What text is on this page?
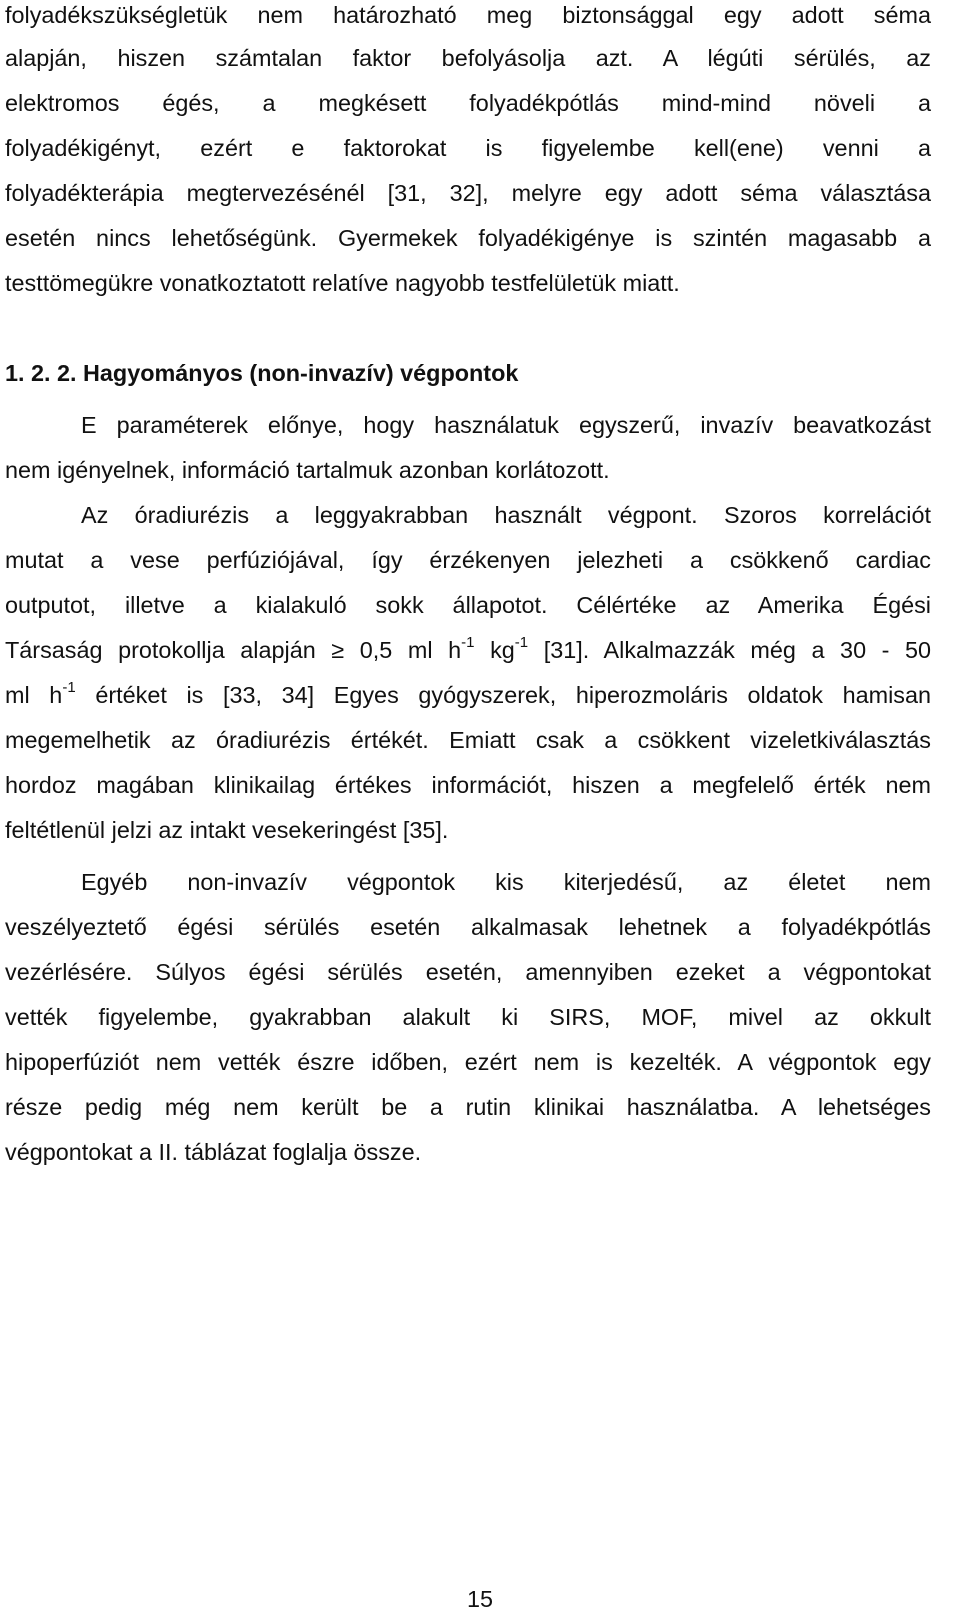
folyadékszükségletük nem határozható meg biztonsággal egy adott séma
alapján, hiszen számtalan faktor befolyásolja azt. A légúti sérülés, az
elektromos égés, a megkésett folyadékpótlás mind-mind növeli a
folyadékigényt, ezért e faktorokat is figyelembe kell(ene) venni a
folyadékterápia megtervezésénél [31, 32], melyre egy adott séma választása
esetén nincs lehetőségünk. Gyermekek folyadékigénye is szintén magasabb a
testtömegükre vonatkoztatott relatíve nagyobb testfelületük miatt.
1. 2. 2. Hagyományos (non-invazív) végpontok
E paraméterek előnye, hogy használatuk egyszerű, invazív beavatkozást
nem igényelnek, információ tartalmuk azonban korlátozott.
Az óradiurézis a leggyakrabban használt végpont. Szoros korrelációt
mutat a vese perfúziójával, így érzékenyen jelezheti a csökkenő cardiac
outputot, illetve a kialakuló sokk állapotot. Célértéke az Amerika Égési
Társaság protokollja alapján ≥ 0,5 ml $h^{-1}$ $kg^{-1}$ [31]. Alkalmazzák még a 30 - 50
ml $h^{-1}$ értéket is [33, 34] Egyes gyógyszerek, hiperozmoláris oldatok hamisan
megemelhetik az óradiurézis értékét. Emiatt csak a csökkent vizeletkiválasztás
hordoz magában klinikailag értékes információt, hiszen a megfelelő érték nem
feltétlenül jelzi az intakt vesekeringést [35].
Egyéb non-invazív végpontok kis kiterjedésű, az életet nem
veszélyeztető égési sérülés esetén alkalmasak lehetnek a folyadékpótlás
vezérlésére. Súlyos égési sérülés esetén, amennyiben ezeket a végpontokat
vették figyelembe, gyakrabban alakult ki SIRS, MOF, mivel az okkult
hipoperfúziót nem vették észre időben, ezért nem is kezelték. A végpontok egy
része pedig még nem került be a rutin klinikai használatba. A lehetséges
végpontokat a II. táblázat foglalja össze.
15
